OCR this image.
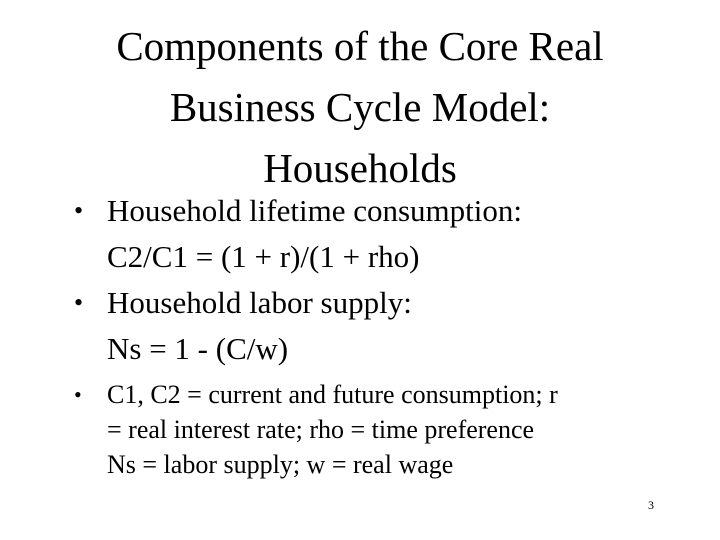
Components of the Core Real
Business Cycle Model:
Households
• Household lifetime consumption:
C2/C1 = (1 + r)/(1 + rho)
• Household labor supply:
Ns = 1 - (C/w)
• C1, C2 = current and future consumption; r
= real interest rate; rho = time preference
Ns = labor supply; w = real wage
3
